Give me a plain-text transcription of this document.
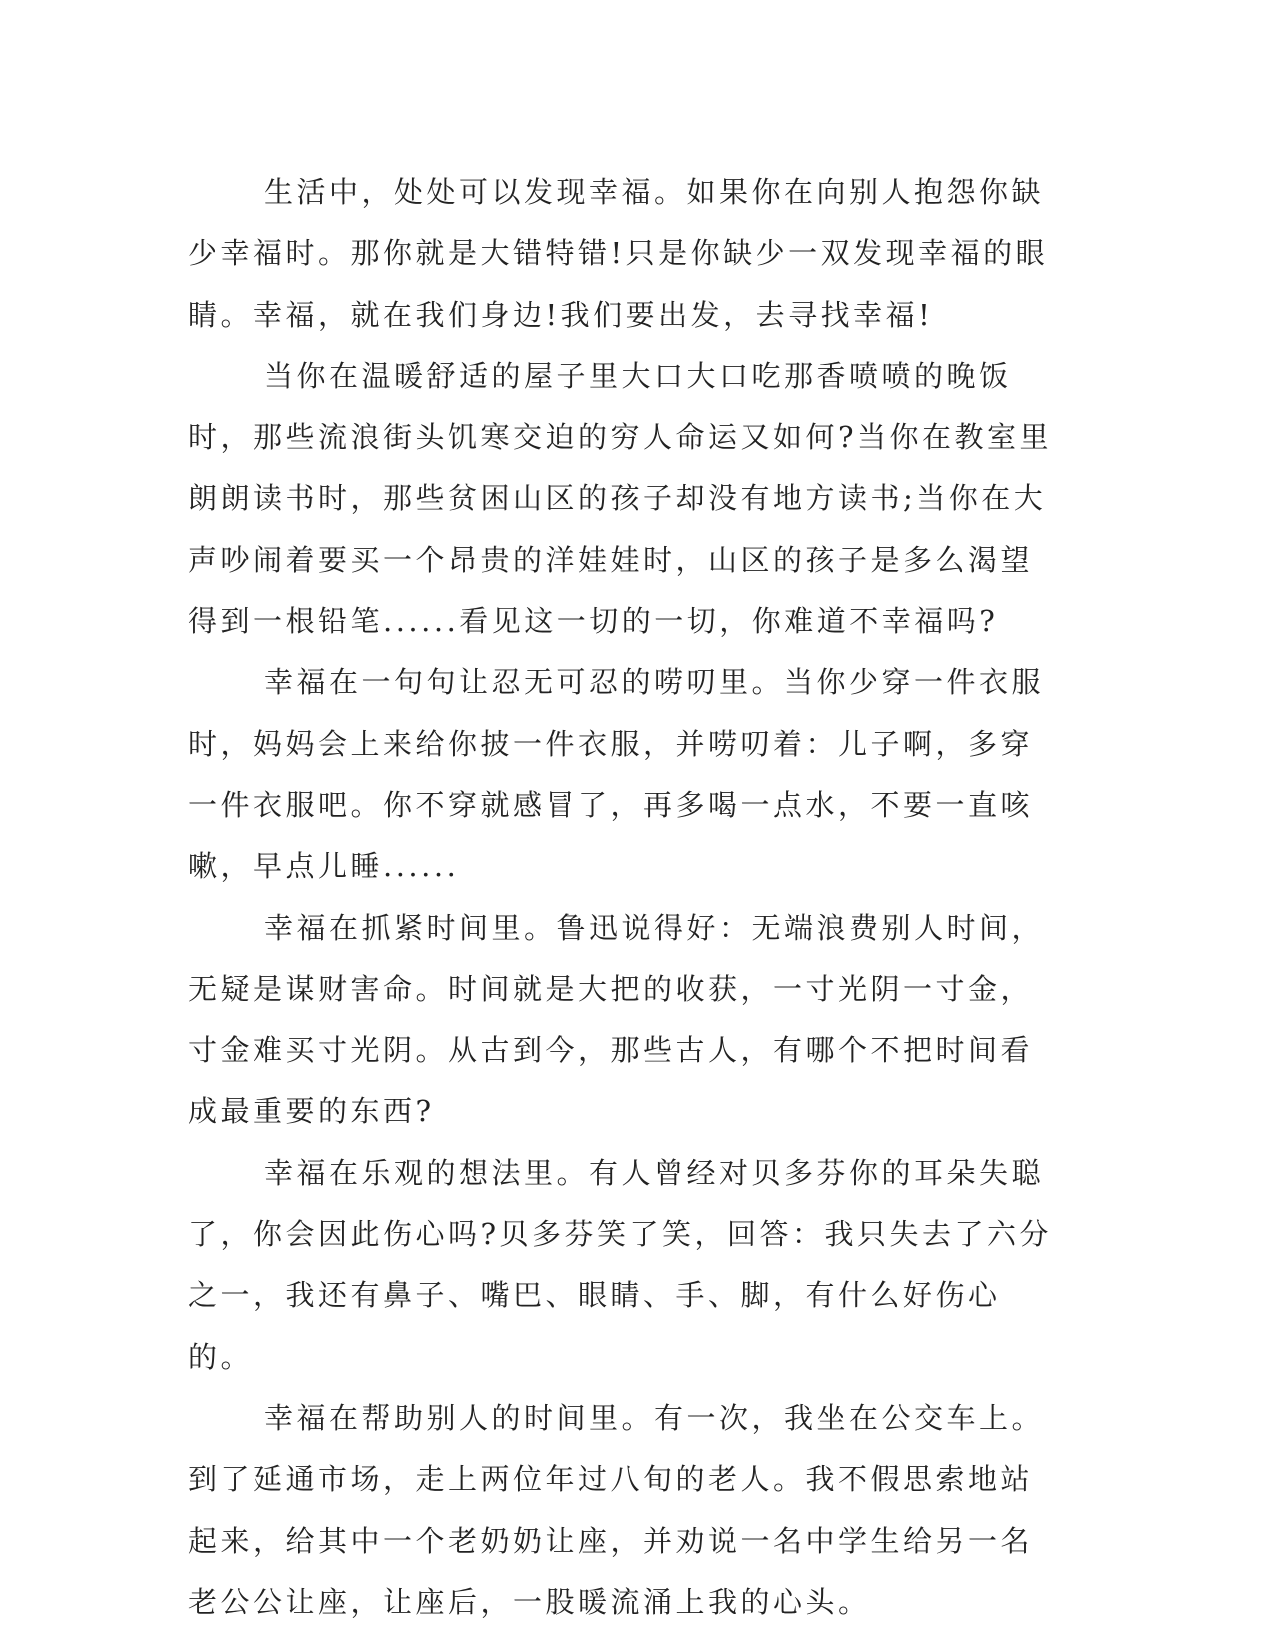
生活中，处处可以发现幸福。如果你在向别人抱怨你缺少幸福时。那你就是大错特错!只是你缺少一双发现幸福的眼睛。幸福，就在我们身边!我们要出发，去寻找幸福!

当你在温暖舒适的屋子里大口大口吃那香喷喷的晚饭时，那些流浪街头饥寒交迫的穷人命运又如何?当你在教室里朗朗读书时，那些贫困山区的孩子却没有地方读书;当你在大声吵闹着要买一个昂贵的洋娃娃时，山区的孩子是多么渴望得到一根铅笔......看见这一切的一切，你难道不幸福吗?

幸福在一句句让忍无可忍的唠叨里。当你少穿一件衣服时，妈妈会上来给你披一件衣服，并唠叨着：儿子啊，多穿一件衣服吧。你不穿就感冒了，再多喝一点水，不要一直咳嗽，早点儿睡......

幸福在抓紧时间里。鲁迅说得好：无端浪费别人时间，无疑是谋财害命。时间就是大把的收获，一寸光阴一寸金，寸金难买寸光阴。从古到今，那些古人，有哪个不把时间看成最重要的东西?

幸福在乐观的想法里。有人曾经对贝多芬你的耳朵失聪了，你会因此伤心吗?贝多芬笑了笑，回答：我只失去了六分之一，我还有鼻子、嘴巴、眼睛、手、脚，有什么好伤心的。

幸福在帮助别人的时间里。有一次，我坐在公交车上。到了延通市场，走上两位年过八旬的老人。我不假思索地站起来，给其中一个老奶奶让座，并劝说一名中学生给另一名老公公让座，让座后，一股暖流涌上我的心头。
